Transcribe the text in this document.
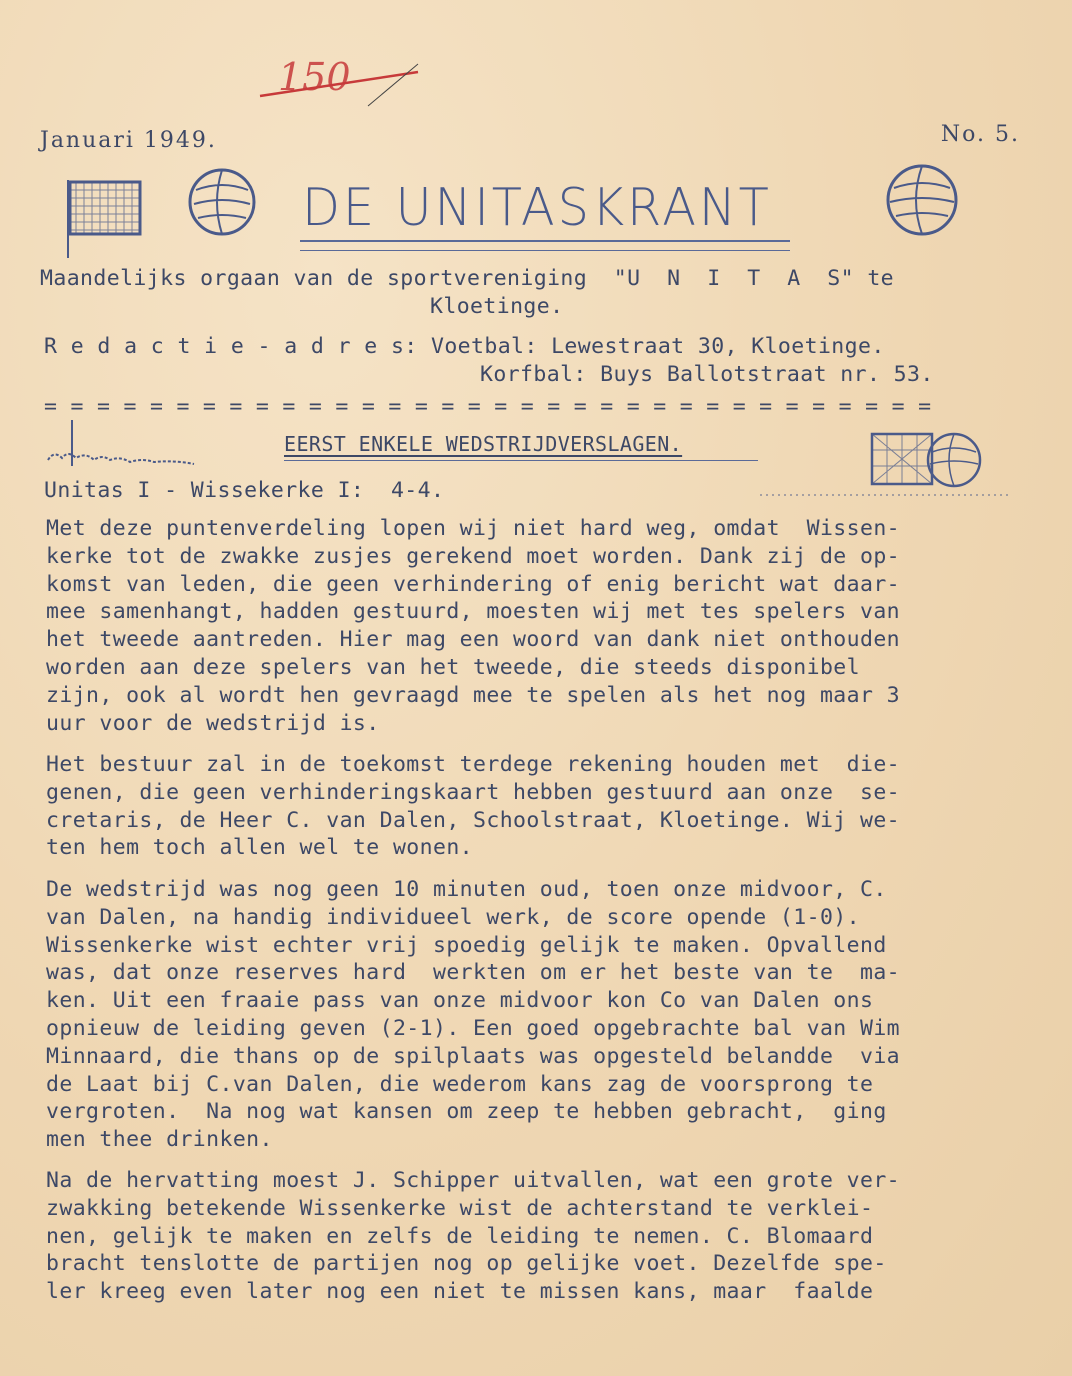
150
Januari 1949.	No. 5.
DE UNITASKRANT
Maandelijks orgaan van de sportvereniging  "U  N  I  T  A  S" te
Kloetinge.
R e d a c t i e - a d r e s: Voetbal: Lewestraat 30, Kloetinge.
Korfbal: Buys Ballotstraat nr. 53.
= = = = = = = = = = = = = = = = = = = = = = = = = = = = = = = = = =
EERST ENKELE WEDSTRIJDVERSLAGEN.
Unitas I - Wissekerke I:  4-4.
Met deze puntenverdeling lopen wij niet hard weg, omdat  Wissen-
kerke tot de zwakke zusjes gerekend moet worden. Dank zij de op-
komst van leden, die geen verhindering of enig bericht wat daar-
mee samenhangt, hadden gestuurd, moesten wij met tes spelers van
het tweede aantreden. Hier mag een woord van dank niet onthouden
worden aan deze spelers van het tweede, die steeds disponibel
zijn, ook al wordt hen gevraagd mee te spelen als het nog maar 3
uur voor de wedstrijd is.
Het bestuur zal in de toekomst terdege rekening houden met  die-
genen, die geen verhinderingskaart hebben gestuurd aan onze  se-
cretaris, de Heer C. van Dalen, Schoolstraat, Kloetinge. Wij we-
ten hem toch allen wel te wonen.
De wedstrijd was nog geen 10 minuten oud, toen onze midvoor, C.
van Dalen, na handig individueel werk, de score opende (1-0).
Wissenkerke wist echter vrij spoedig gelijk te maken. Opvallend
was, dat onze reserves hard  werkten om er het beste van te  ma-
ken. Uit een fraaie pass van onze midvoor kon Co van Dalen ons
opnieuw de leiding geven (2-1). Een goed opgebrachte bal van Wim
Minnaard, die thans op de spilplaats was opgesteld belandde  via
de Laat bij C.van Dalen, die wederom kans zag de voorsprong te
vergroten.  Na nog wat kansen om zeep te hebben gebracht,  ging
men thee drinken.
Na de hervatting moest J. Schipper uitvallen, wat een grote ver-
zwakking betekende Wissenkerke wist de achterstand te verklei-
nen, gelijk te maken en zelfs de leiding te nemen. C. Blomaard
bracht tenslotte de partijen nog op gelijke voet. Dezelfde spe-
ler kreeg even later nog een niet te missen kans, maar  faalde
